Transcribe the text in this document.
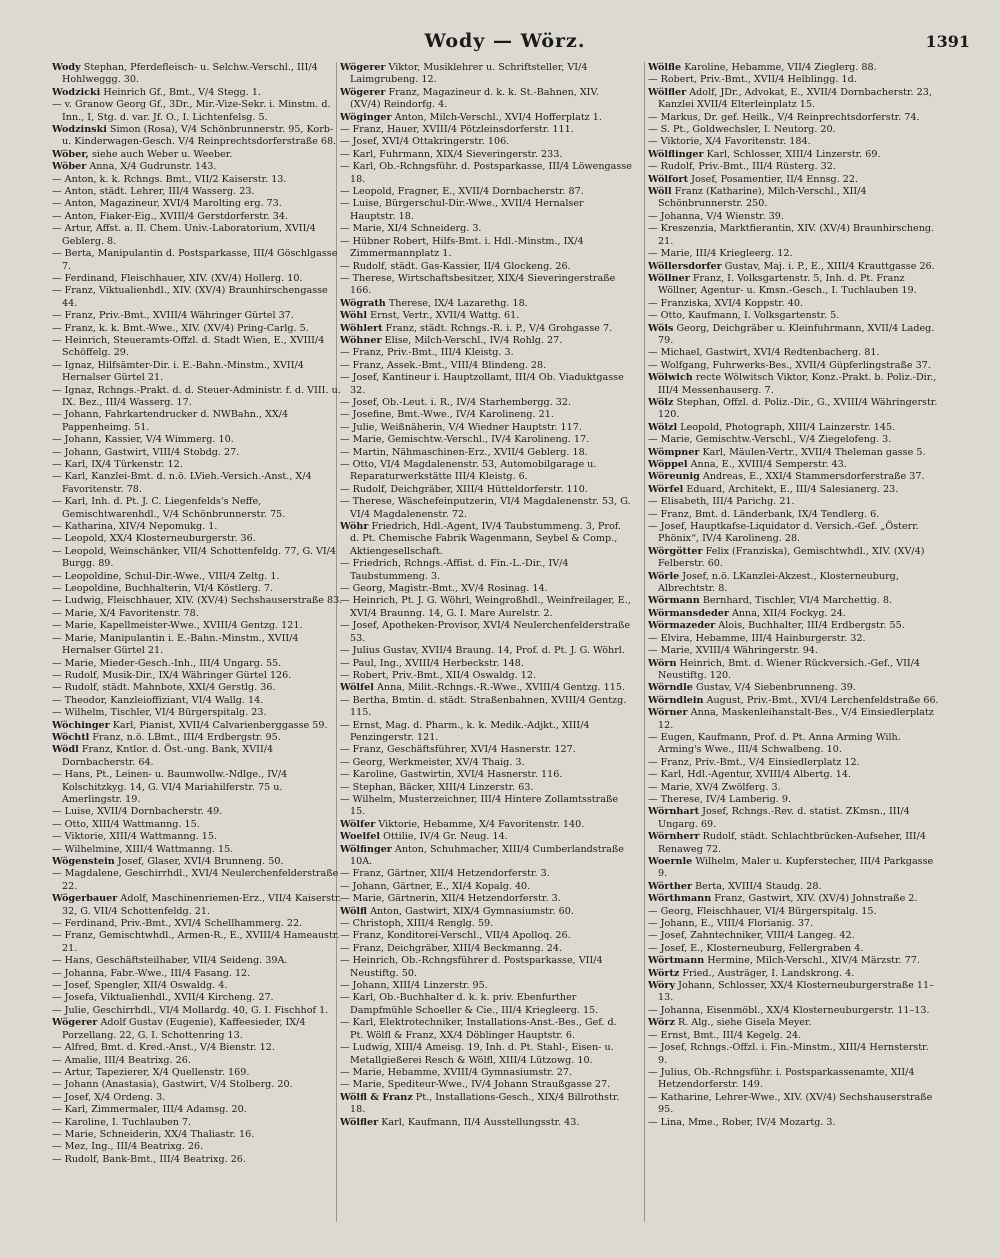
Wody — Wörz.	1391

Wody Stephan, Pferdefleisch- u. Selchw.-Verschl., III/4 Hohlweggg. 30.

Wodzicki Heinrich Gf., Bmt., V/4 Stegg. 1.

— v. Granow Georg Gf., 3Dr., Mir.-Vize-Sekr. i. Minstm. d. Inn., I, Stg. d. var. Jf. O., I. Lichtenfelsg. 5.

Wodzinski Simon (Rosa), V/4 Schönbrunnerstr. 95, Korb- u. Kinderwagen-Gesch. V/4 Reinprechtsdorferstraße 68.

Wöber, siehe auch Weber u. Weeber.

Wöber Anna, X/4 Gudrunstr. 143.

— Anton, k. k. Rchngs. Bmt., VII/2 Kaiserstr. 13.

— Anton, städt. Lehrer, III/4 Wasserg. 23.

— Anton, Magazineur, XVI/4 Marolting erg. 73.

— Anton, Fiaker-Eig., XVIII/4 Gerstdorferstr. 34.

— Artur, Affst. a. II. Chem. Univ.-Laboratorium, XVII/4 Geblerg. 8.

— Berta, Manipulantin d. Postsparkasse, III/4 Göschlgasse 7.

— Ferdinand, Fleischhauer, XIV. (XV/4) Hollerg. 10.

— Franz, Viktualienhdl., XIV. (XV/4) Braunhirschengasse 44.

— Franz, Priv.-Bmt., XVIII/4 Währinger Gürtel 37.

— Franz, k. k. Bmt.-Wwe., XIV. (XV/4) Pring-Carlg. 5.

— Heinrich, Steueramts-Offzl. d. Stadt Wien, E., XVIII/4 Schöffelg. 29.

— Ignaz, Hilfsämter-Dir. i. E.-Bahn.-Minstm., XVII/4 Hernalser Gürtel 21.

— Ignaz, Rchngs.-Prakt. d. d. Steuer-Administr. f. d. VIII. u. IX. Bez., III/4 Wasserg. 17.

— Johann, Fahrkartendrucker d. NWBahn., XX/4 Pappenheimg. 51.

— Johann, Kassier, V/4 Wimmerg. 10.

— Johann, Gastwirt, VIII/4 Stobdg. 27.

— Karl, IX/4 Türkenstr. 12.

— Karl, Kanzlei-Bmt. d. n.ö. LVieh.-Versich.-Anst., X/4 Favoritenstr. 78.

— Karl, Inh. d. Pt. J. C. Liegenfelds's Neffe, Gemischtwarenhdl., V/4 Schönbrunnerstr. 75.

— Katharina, XIV/4 Nepomukg. 1.

— Leopold, XX/4 Klosterneuburgerstr. 36.

— Leopold, Weinschänker, VII/4 Schottenfeldg. 77, G. VI/4 Burgg. 89.

— Leopoldine, Schul-Dir.-Wwe., VIII/4 Zeltg. 1.

— Leopoldine, Buchhalterin, VI/4 Köstlerg. 7.

— Ludwig, Fleischhauer, XIV. (XV/4) Sechshauserstraße 83.

— Marie, X/4 Favoritenstr. 78.

— Marie, Kapellmeister-Wwe., XVIII/4 Gentzg. 121.

— Marie, Manipulantin i. E.-Bahn.-Minstm., XVII/4 Hernalser Gürtel 21.

— Marie, Mieder-Gesch.-Inh., III/4 Ungarg. 55.

— Rudolf, Musik-Dir., IX/4 Währinger Gürtel 126.

— Rudolf, städt. Mahnbote, XXI/4 Gerstlg. 36.

— Theodor, Kanzleioffiziant, VI/4 Wallg. 14.

— Wilhelm, Tischler, VI/4 Bürgerspitalg. 23.

Wöchinger Karl, Pianist, XVII/4 Calvarienberggasse 59.

Wöchtl Franz, n.ö. LBmt., III/4 Erdbergstr. 95.

Wödl Franz, Kntlor. d. Öst.-ung. Bank, XVII/4 Dornbacherstr. 64.

— Hans, Pt., Leinen- u. Baumwollw.-Ndlge., IV/4 Kolschitzkyg. 14, G. VI/4 Mariahilferstr. 75 u. Amerlingstr. 19.

— Luise, XVII/4 Dornbacherstr. 49.

— Otto, XIII/4 Wattmanng. 15.

— Viktorie, XIII/4 Wattmanng. 15.

— Wilhelmine, XIII/4 Wattmanng. 15.

Wögenstein Josef, Glaser, XVI/4 Brunneng. 50.

— Magdalene, Geschirrhdl., XVI/4 Neulerchenfelderstraße 22.

Wögerbauer Adolf, Maschinenriemen-Erz., VII/4 Kaiserstr. 32, G. VII/4 Schottenfeldg. 21.

— Ferdinand, Priv.-Bmt., XVI/4 Schellhammerg. 22.

— Franz, Gemischtwhdl., Armen-R., E., XVIII/4 Hameaustr. 21.

— Hans, Geschäftsteilhaber, VII/4 Seideng. 39A.

— Johanna, Fabr.-Wwe., III/4 Fasang. 12.

— Josef, Spengler, XII/4 Oswaldg. 4.

— Josefa, Viktualienhdl., XVII/4 Kircheng. 27.

— Julie, Geschirrhdl., VI/4 Mollardg. 40, G. I. Fischhof 1.

Wögerer Adolf Gustav (Eugenie), Kaffeesieder, IX/4 Porzellang. 22, G. I. Schottenring 13.

— Alfred, Bmt. d. Kred.-Anst., V/4 Bienstr. 12.

— Amalie, III/4 Beatrixg. 26.

— Artur, Tapezierer, X/4 Quellenstr. 169.

— Johann (Anastasia), Gastwirt, V/4 Stolberg. 20.

— Josef, X/4 Ordeng. 3.

— Karl, Zimmermaler, III/4 Adamsg. 20.

— Karoline, I. Tuchlauben 7.

— Marie, Schneiderin, XX/4 Thaliastr. 16.

— Mez, Ing., III/4 Beatrixg. 26.

— Rudolf, Bank-Bmt., III/4 Beatrixg. 26.

Wögerer Viktor, Musiklehrer u. Schriftsteller, VI/4 Laimgrubeng. 12.

Wögerer Franz, Magazineur d. k. k. St.-Bahnen, XIV. (XV/4) Reindorfg. 4.

Wöginger Anton, Milch-Verschl., XVI/4 Hofferplatz 1.

— Franz, Hauer, XVIII/4 Pötzleinsdorferstr. 111.

— Josef, XVI/4 Ottakringerstr. 106.

— Karl, Fuhrmann, XIX/4 Sieveringerstr. 233.

— Karl, Ob.-Rchngsführ. d. Postsparkasse, III/4 Löwengasse 18.

— Leopold, Fragner, E., XVII/4 Dornbacherstr. 87.

— Luise, Bürgerschul-Dir.-Wwe., XVII/4 Hernalser Hauptstr. 18.

— Marie, XI/4 Schneiderg. 3.

— Hübner Robert, Hilfs-Bmt. i. Hdl.-Minstm., IX/4 Zimmermannplatz 1.

— Rudolf, städt. Gas-Kassier, II/4 Glockeng. 26.

— Therese, Wirtschaftsbesitzer, XIX/4 Sieveringerstraße 166.

Wögrath Therese, IX/4 Lazarethg. 18.

Wöhl Ernst, Vertr., XVII/4 Wattg. 61.

Wöhlert Franz, städt. Rchngs.-R. i. P., V/4 Grohgasse 7.

Wöhner Elise, Milch-Verschl., IV/4 Rohlg. 27.

— Franz, Priv.-Bmt., III/4 Kleistg. 3.

— Franz, Assek.-Bmt., VIII/4 Blindeng. 28.

— Josef, Kantineur i. Hauptzollamt, III/4 Ob. Viaduktgasse 32.

— Josef, Ob.-Leut. i. R., IV/4 Starhembergg. 32.

— Josefine, Bmt.-Wwe., IV/4 Karolineng. 21.

— Julie, Weißnäherin, V/4 Wiedner Hauptstr. 117.

— Marie, Gemischtw.-Verschl., IV/4 Karolineng. 17.

— Martin, Nähmaschinen-Erz., XVII/4 Geblerg. 18.

— Otto, VI/4 Magdalenenstr. 53, Automobilgarage u. Reparaturwerkstätte III/4 Kleistg. 6.

— Rudolf, Deichgräber, XIII/4 Hütteldorferstr. 110.

— Therese, Wäschefeinputzerin, VI/4 Magdalenenstr. 53, G. VI/4 Magdalenenstr. 72.

Wöhr Friedrich, Hdl.-Agent, IV/4 Taubstummeng. 3, Prof. d. Pt. Chemische Fabrik Wagenmann, Seybel & Comp., Aktiengesellschaft.

— Friedrich, Rchngs.-Affist. d. Fin.-L.-Dir., IV/4 Taubstummeng. 3.

— Georg, Magistr.-Bmt., XV/4 Rosinag. 14.

— Heinrich, Pt. J. G. Wöhrl, Weingroßhdl., Weinfreilager, E., XVI/4 Braunng. 14, G. I. Mare Aurelstr. 2.

— Josef, Apotheken-Provisor, XVI/4 Neulerchenfelderstraße 53.

— Julius Gustav, XVII/4 Braung. 14, Prof. d. Pt. J. G. Wöhrl.

— Paul, Ing., XVIII/4 Herbeckstr. 148.

— Robert, Priv.-Bmt., XII/4 Oswaldg. 12.

Wölfel Anna, Milit.-Rchngs.-R.-Wwe., XVIII/4 Gentzg. 115.

— Bertha, Bmtin. d. städt. Straßenbahnen, XVIII/4 Gentzg. 115.

— Ernst, Mag. d. Pharm., k. k. Medik.-Adjkt., XIII/4 Penzingerstr. 121.

— Franz, Geschäftsführer, XVI/4 Hasnerstr. 127.

— Georg, Werkmeister, XV/4 Thaig. 3.

— Karoline, Gastwirtin, XVI/4 Hasnerstr. 116.

— Stephan, Bäcker, XIII/4 Linzerstr. 63.

— Wilhelm, Musterzeichner, III/4 Hintere Zollamtsstraße 15.

Wölfer Viktorie, Hebamme, X/4 Favoritenstr. 140.

Woelfel Ottilie, IV/4 Gr. Neug. 14.

Wölfinger Anton, Schuhmacher, XIII/4 Cumberlandstraße 10A.

— Franz, Gärtner, XII/4 Hetzendorferstr. 3.

— Johann, Gärtner, E., XI/4 Kopalg. 40.

— Marie, Gärtnerin, XII/4 Hetzendorferstr. 3.

Wölfl Anton, Gastwirt, XIX/4 Gymnasiumstr. 60.

— Christoph, XIII/4 Renglg. 59.

— Franz, Konditorei-Verschl., VII/4 Apolloq. 26.

— Franz, Deichgräber, XIII/4 Beckmanng. 24.

— Heinrich, Ob.-Rchngsführer d. Postsparkasse, VII/4 Neustiftg. 50.

— Johann, XIII/4 Linzerstr. 95.

— Karl, Ob.-Buchhalter d. k. k. priv. Ebenfurther Dampfmühle Schoeller & Cie., III/4 Kriegleerg. 15.

— Karl, Elektrotechniker, Installations-Anst.-Bes., Gef. d. Pt. Wölfl & Franz, XX/4 Döblinger Hauptstr. 6.

— Ludwig, XIII/4 Ameisg. 19, Inh. d. Pt. Stahl-, Eisen- u. Metallgießerei Resch & Wölfl, XIII/4 Lützowg. 10.

— Marie, Hebamme, XVIII/4 Gymnasiumstr. 27.

— Marie, Spediteur-Wwe., IV/4 Johann Straußgasse 27.

Wölfl & Franz Pt., Installations-Gesch., XIX/4 Billrothstr. 18.

Wölfler Karl, Kaufmann, II/4 Ausstellungsstr. 43.

Wölfle Karoline, Hebamme, VII/4 Zieglerg. 88.

— Robert, Priv.-Bmt., XVII/4 Helblingg. 1d.

Wölfler Adolf, JDr., Advokat, E., XVII/4 Dornbacherstr. 23, Kanzlei XVII/4 Elterleinplatz 15.

— Markus, Dr. gef. Heilk., V/4 Reinprechtsdorferstr. 74.

— S. Pt., Goldwechsler, I. Neutorg. 20.

— Viktorie, X/4 Favoritenstr. 184.

Wölflinger Karl, Schlosser, XIII/4 Linzerstr. 69.

— Rudolf, Priv.-Bmt., III/4 Rüsterg. 32.

Wölfort Josef, Posamentier, II/4 Ennsg. 22.

Wöll Franz (Katharine), Milch-Verschl., XII/4 Schönbrunnerstr. 250.

— Johanna, V/4 Wienstr. 39.

— Kreszenzia, Marktfierantin, XIV. (XV/4) Braunhirscheng. 21.

— Marie, III/4 Kriegleerg. 12.

Wöllersdorfer Gustav, Maj. i. P., E., XIII/4 Krauttgasse 26.

Wöllner Franz, I. Volksgartenstr. 5, Inh. d. Pt. Franz Wöllner, Agentur- u. Kmsn.-Gesch., I. Tuchlauben 19.

— Franziska, XVI/4 Koppstr. 40.

— Otto, Kaufmann, I. Volksgartenstr. 5.

Wöls Georg, Deichgräber u. Kleinfuhrmann, XVII/4 Ladeg. 79.

— Michael, Gastwirt, XVI/4 Redtenbacherg. 81.

— Wolfgang, Fuhrwerks-Bes., XVII/4 Güpferlingstraße 37.

Wölwich recte Wölwitsch Viktor, Konz.-Prakt. b. Poliz.-Dir., III/4 Messenhauserg. 7.

Wölz Stephan, Offzl. d. Poliz.-Dir., G., XVIII/4 Währingerstr. 120.

Wölzl Leopold, Photograph, XIII/4 Lainzerstr. 145.

— Marie, Gemischtw.-Verschl., V/4 Ziegelofeng. 3.

Wömpner Karl, Mäulen-Vertr., XVII/4 Theleman gasse 5.

Wöppel Anna, E., XVIII/4 Semperstr. 43.

Wöreunig Andreas, E., XXI/4 Stammersdorferstraße 37.

Wörfel Eduard, Architekt, E., III/4 Salesianerg. 23.

— Elisabeth, III/4 Parichg. 21.

— Franz, Bmt. d. Länderbank, IX/4 Tendlerg. 6.

— Josef, Hauptkafse-Liquidator d. Versich.-Gef. „Österr. Phönix“, IV/4 Karolineng. 28.

Wörgötter Felix (Franziska), Gemischtwhdl., XIV. (XV/4) Felberstr. 60.

Wörle Josef, n.ö. LKanzlei-Akzest., Klosterneuburg, Albrechtstr. 8.

Wörmann Bernhard, Tischler, VI/4 Marchettig. 8.

Wörmansdeder Anna, XII/4 Fockyg. 24.

Wörmazeder Alois, Buchhalter, III/4 Erdbergstr. 55.

— Elvira, Hebamme, III/4 Hainburgerstr. 32.

— Marie, XVIII/4 Währingerstr. 94.

Wörn Heinrich, Bmt. d. Wiener Rückversich.-Gef., VII/4 Neustiftg. 120.

Wörndle Gustav, V/4 Siebenbrunneng. 39.

Wörndlein August, Priv.-Bmt., XVI/4 Lerchenfeldstraße 66.

Wörner Anna, Maskenleihanstalt-Bes., V/4 Einsiedlerplatz 12.

— Eugen, Kaufmann, Prof. d. Pt. Anna Arming Wilh. Arming's Wwe., III/4 Schwalbeng. 10.

— Franz, Priv.-Bmt., V/4 Einsiedlerplatz 12.

— Karl, Hdl.-Agentur, XVIII/4 Albertg. 14.

— Marie, XV/4 Zwölferg. 3.

— Therese, IV/4 Lamberig. 9.

Wörnhart Josef, Rchngs.-Rev. d. statist. ZKmsn., III/4 Ungarg. 69.

Wörnherr Rudolf, städt. Schlachtbrücken-Aufseher, III/4 Renaweg 72.

Woernle Wilhelm, Maler u. Kupferstecher, III/4 Parkgasse 9.

Wörther Berta, XVIII/4 Staudg. 28.

Wörthmann Franz, Gastwirt, XIV. (XV/4) Johnstraße 2.

— Georg, Fleischhauer, VI/4 Bürgerspitalg. 15.

— Johann, E., VIII/4 Florianig. 37.

— Josef, Zahntechniker, VIII/4 Langeg. 42.

— Josef, E., Klosterneuburg, Fellergraben 4.

Wörtmann Hermine, Milch-Verschl., XIV/4 Märzstr. 77.

Wörtz Fried., Austräger, I. Landskrong. 4.

Wöry Johann, Schlosser, XX/4 Klosterneuburgerstraße 11–13.

— Johanna, Eisenmöbl., XX/4 Klosterneuburgerstr. 11–13.

Wörz R. Alg., siehe Gisela Meyer.

— Ernst, Bmt., III/4 Kegelg. 24.

— Josef, Rchngs.-Offzl. i. Fin.-Minstm., XIII/4 Hernsterstr. 9.

— Julius, Ob.-Rchngsführ. i. Postsparkassenamte, XII/4 Hetzendorferstr. 149.

— Katharine, Lehrer-Wwe., XIV. (XV/4) Sechshauserstraße 95.

— Lina, Mme., Rober, IV/4 Mozartg. 3.
